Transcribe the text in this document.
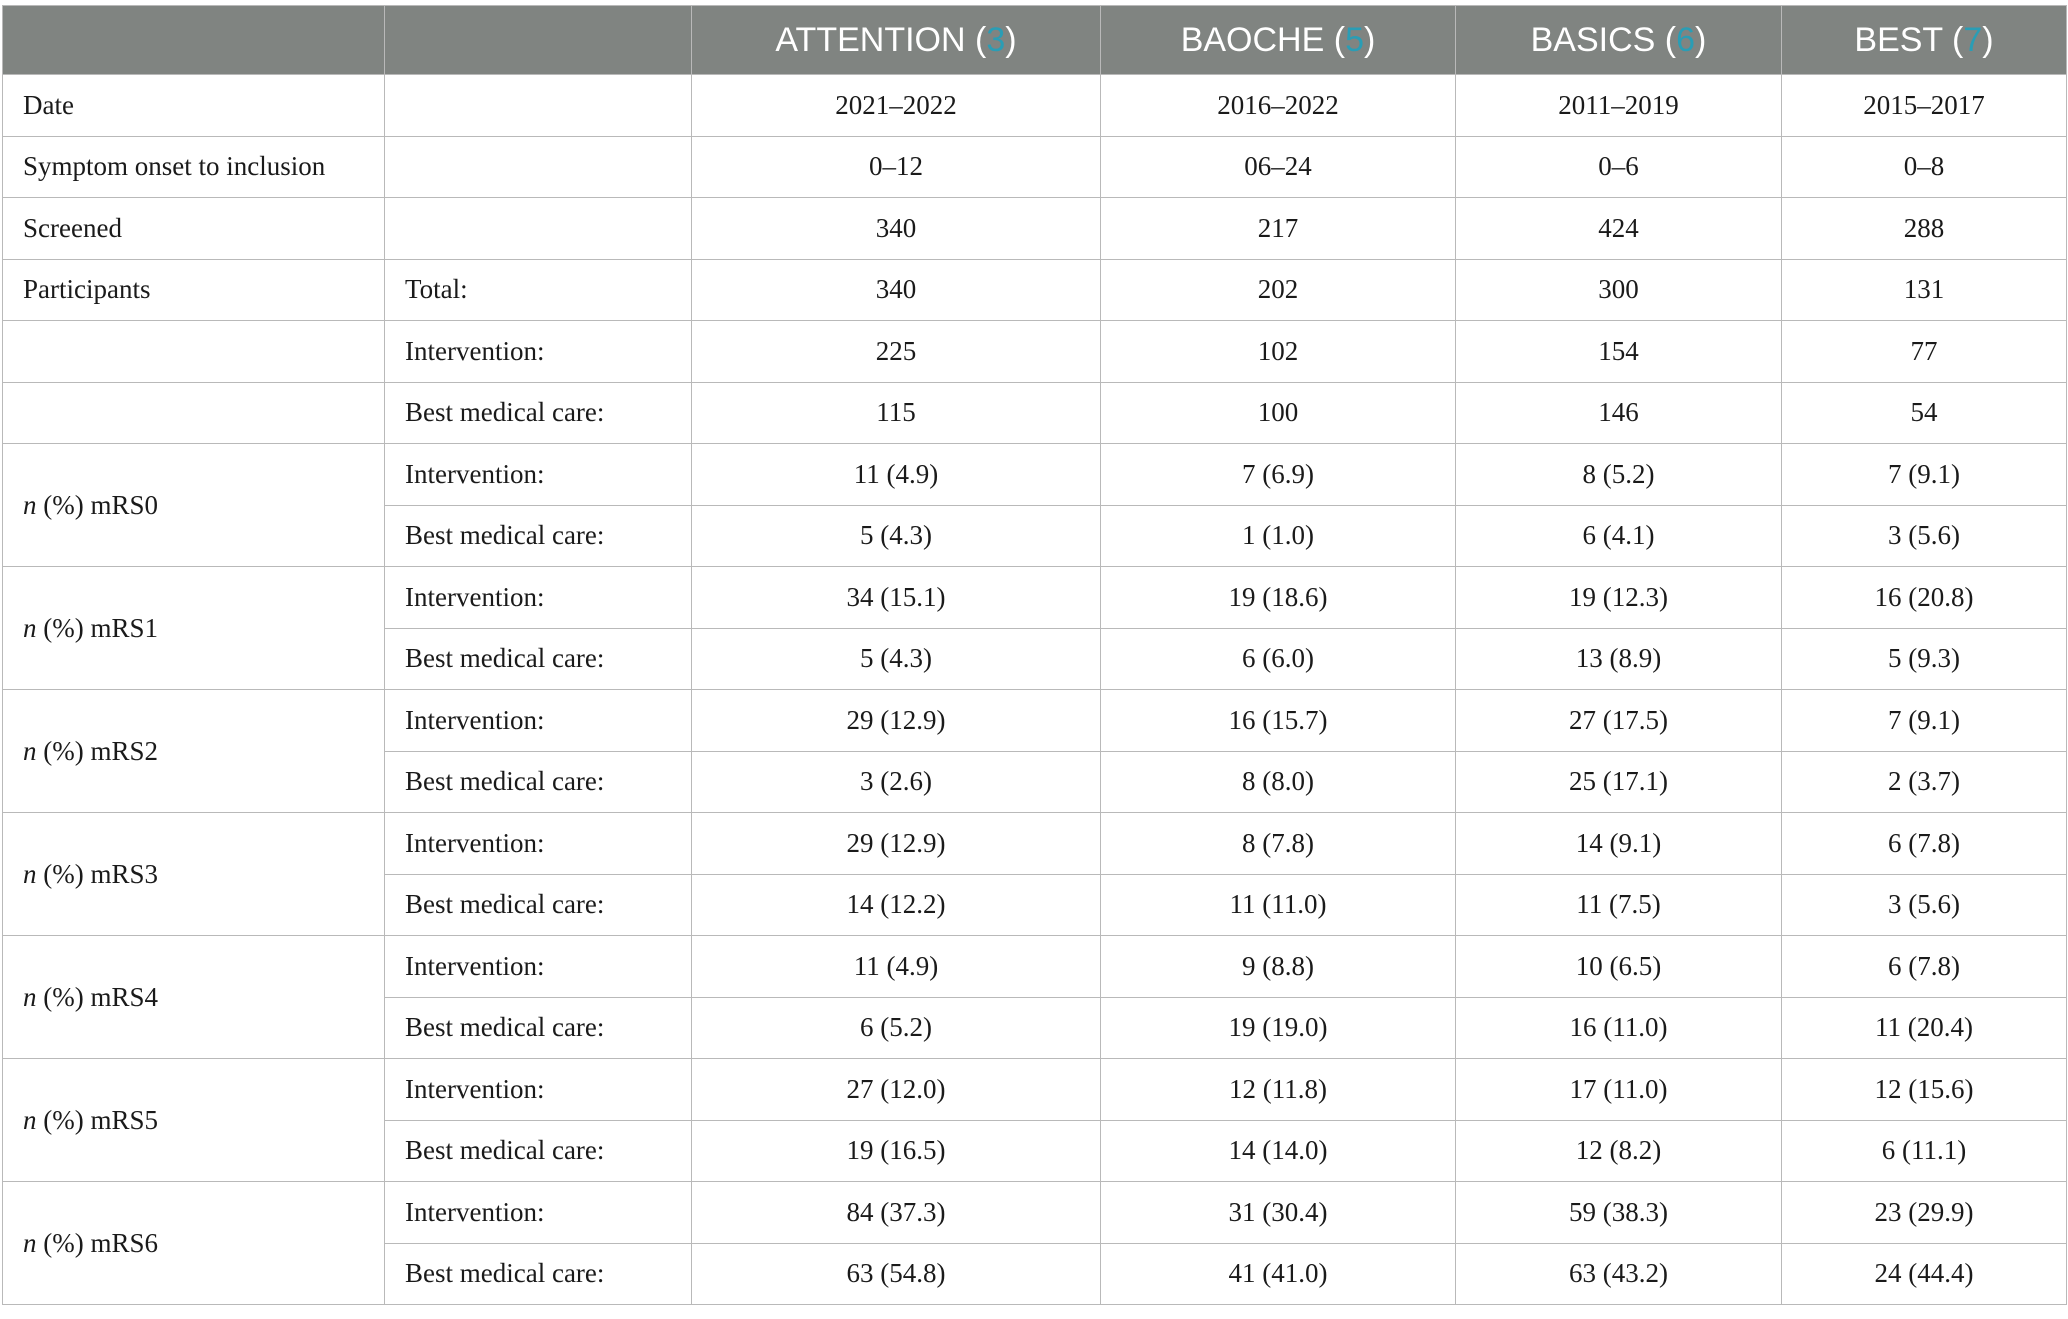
		ATTENTION (3)	BAOCHE (5)	BASICS (6)	BEST (7)
Date		2021–2022	2016–2022	2011–2019	2015–2017
Symptom onset to inclusion		0–12	06–24	0–6	0–8
Screened		340	217	424	288
Participants	Total:	340	202	300	131
	Intervention:	225	102	154	77
	Best medical care:	115	100	146	54
n (%) mRS0	Intervention:	11 (4.9)	7 (6.9)	8 (5.2)	7 (9.1)
	Best medical care:	5 (4.3)	1 (1.0)	6 (4.1)	3 (5.6)
n (%) mRS1	Intervention:	34 (15.1)	19 (18.6)	19 (12.3)	16 (20.8)
	Best medical care:	5 (4.3)	6 (6.0)	13 (8.9)	5 (9.3)
n (%) mRS2	Intervention:	29 (12.9)	16 (15.7)	27 (17.5)	7 (9.1)
	Best medical care:	3 (2.6)	8 (8.0)	25 (17.1)	2 (3.7)
n (%) mRS3	Intervention:	29 (12.9)	8 (7.8)	14 (9.1)	6 (7.8)
	Best medical care:	14 (12.2)	11 (11.0)	11 (7.5)	3 (5.6)
n (%) mRS4	Intervention:	11 (4.9)	9 (8.8)	10 (6.5)	6 (7.8)
	Best medical care:	6 (5.2)	19 (19.0)	16 (11.0)	11 (20.4)
n (%) mRS5	Intervention:	27 (12.0)	12 (11.8)	17 (11.0)	12 (15.6)
	Best medical care:	19 (16.5)	14 (14.0)	12 (8.2)	6 (11.1)
n (%) mRS6	Intervention:	84 (37.3)	31 (30.4)	59 (38.3)	23 (29.9)
	Best medical care:	63 (54.8)	41 (41.0)	63 (43.2)	24 (44.4)
